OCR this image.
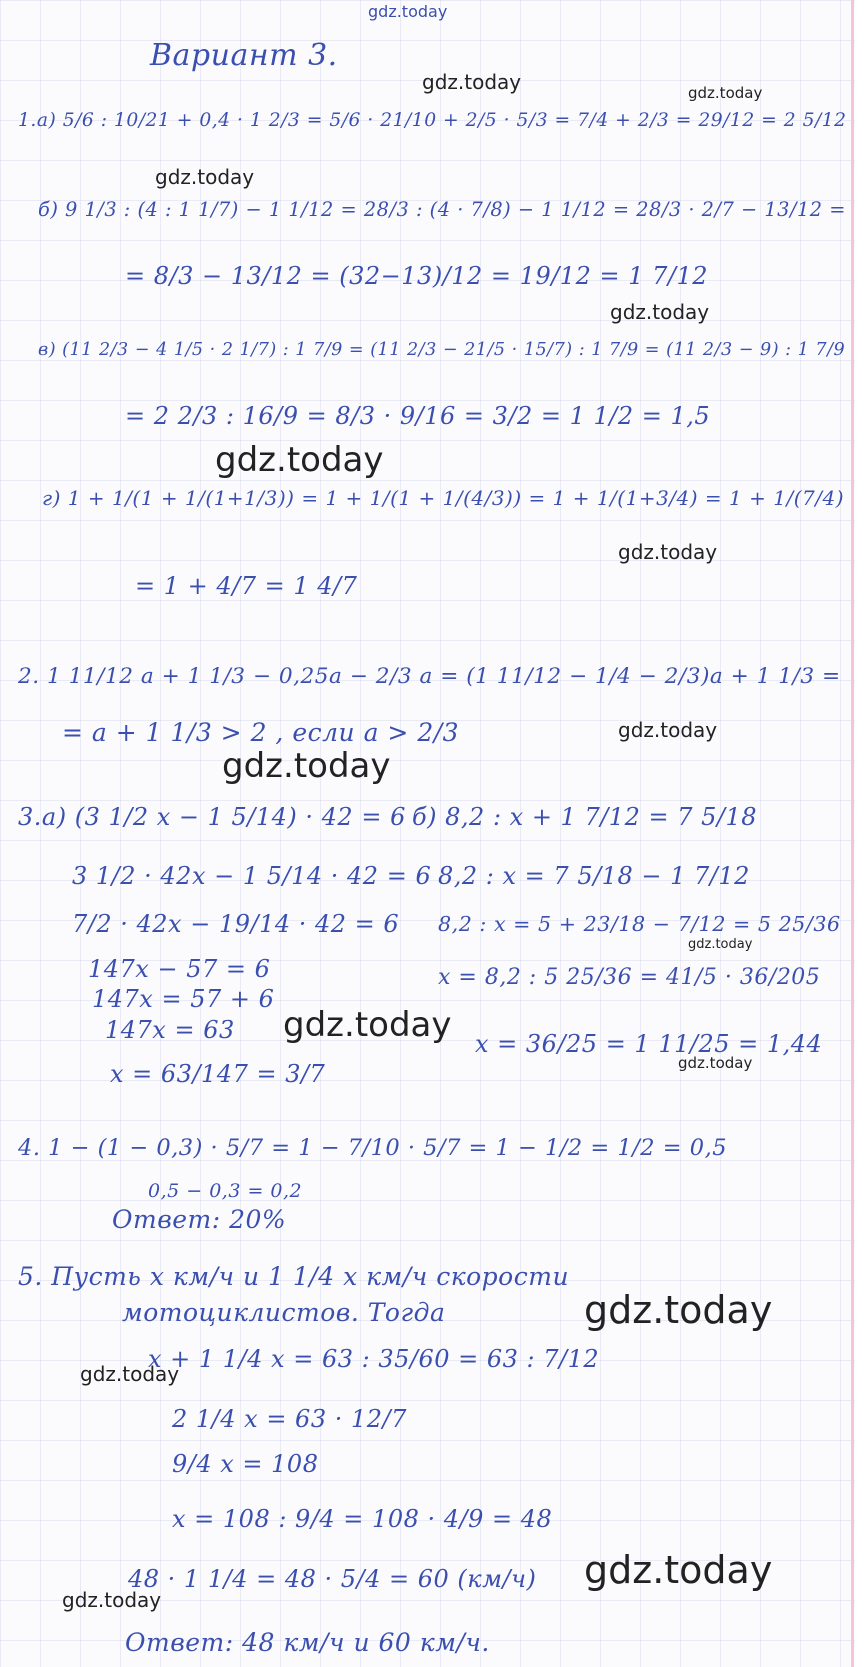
Вариант 3.
1.а) 5/6 : 10/21 + 0,4 · 1 2/3 = 5/6 · 21/10 + 2/5 · 5/3 = 7/4 + 2/3 = 29/12 = 2 5/12
б) 9 1/3 : (4 : 1 1/7) − 1 1/12 = 28/3 : (4 · 7/8) − 1 1/12 = 28/3 · 2/7 − 13/12 =
= 8/3 − 13/12 = (32−13)/12 = 19/12 = 1 7/12
в) (11 2/3 − 4 1/5 · 2 1/7) : 1 7/9 = (11 2/3 − 21/5 · 15/7) : 1 7/9 = (11 2/3 − 9) : 1 7/9
= 2 2/3 : 16/9 = 8/3 · 9/16 = 3/2 = 1 1/2 = 1,5
г) 1 + 1/(1 + 1/(1+1/3)) = 1 + 1/(1 + 1/(4/3)) = 1 + 1/(1+3/4) = 1 + 1/(7/4)
= 1 + 4/7 = 1 4/7
2. 1 11/12 a + 1 1/3 − 0,25a − 2/3 a = (1 11/12 − 1/4 − 2/3)a + 1 1/3 =
= a + 1 1/3 > 2 , если a > 2/3
3.а) (3 1/2 x − 1 5/14) · 42 = 6
3 1/2 · 42x − 1 5/14 · 42 = 6
7/2 · 42x − 19/14 · 42 = 6
147x − 57 = 6
147x = 57 + 6
147x = 63
x = 63/147 = 3/7
б) 8,2 : x + 1 7/12 = 7 5/18
8,2 : x = 7 5/18 − 1 7/12
8,2 : x = 5 + 23/18 − 7/12 = 5 25/36
x = 8,2 : 5 25/36 = 41/5 · 36/205
x = 36/25 = 1 11/25 = 1,44
4. 1 − (1 − 0,3) · 5/7 = 1 − 7/10 · 5/7 = 1 − 1/2 = 1/2 = 0,5
0,5 − 0,3 = 0,2
Ответ: 20%
5. Пусть x км/ч и 1 1/4 x км/ч скорости
мотоциклистов. Тогда
x + 1 1/4 x = 63 : 35/60 = 63 : 7/12
2 1/4 x = 63 · 12/7
9/4 x = 108
x = 108 : 9/4 = 108 · 4/9 = 48
48 · 1 1/4 = 48 · 5/4 = 60 (км/ч)
Ответ: 48 км/ч и 60 км/ч.
gdz.today
gdz.today	gdz.today
gdz.today
gdz.today
gdz.today
gdz.today
gdz.today
gdz.today
gdz.today
gdz.today
gdz.today
gdz.today
gdz.today
gdz.today
gdz.today
